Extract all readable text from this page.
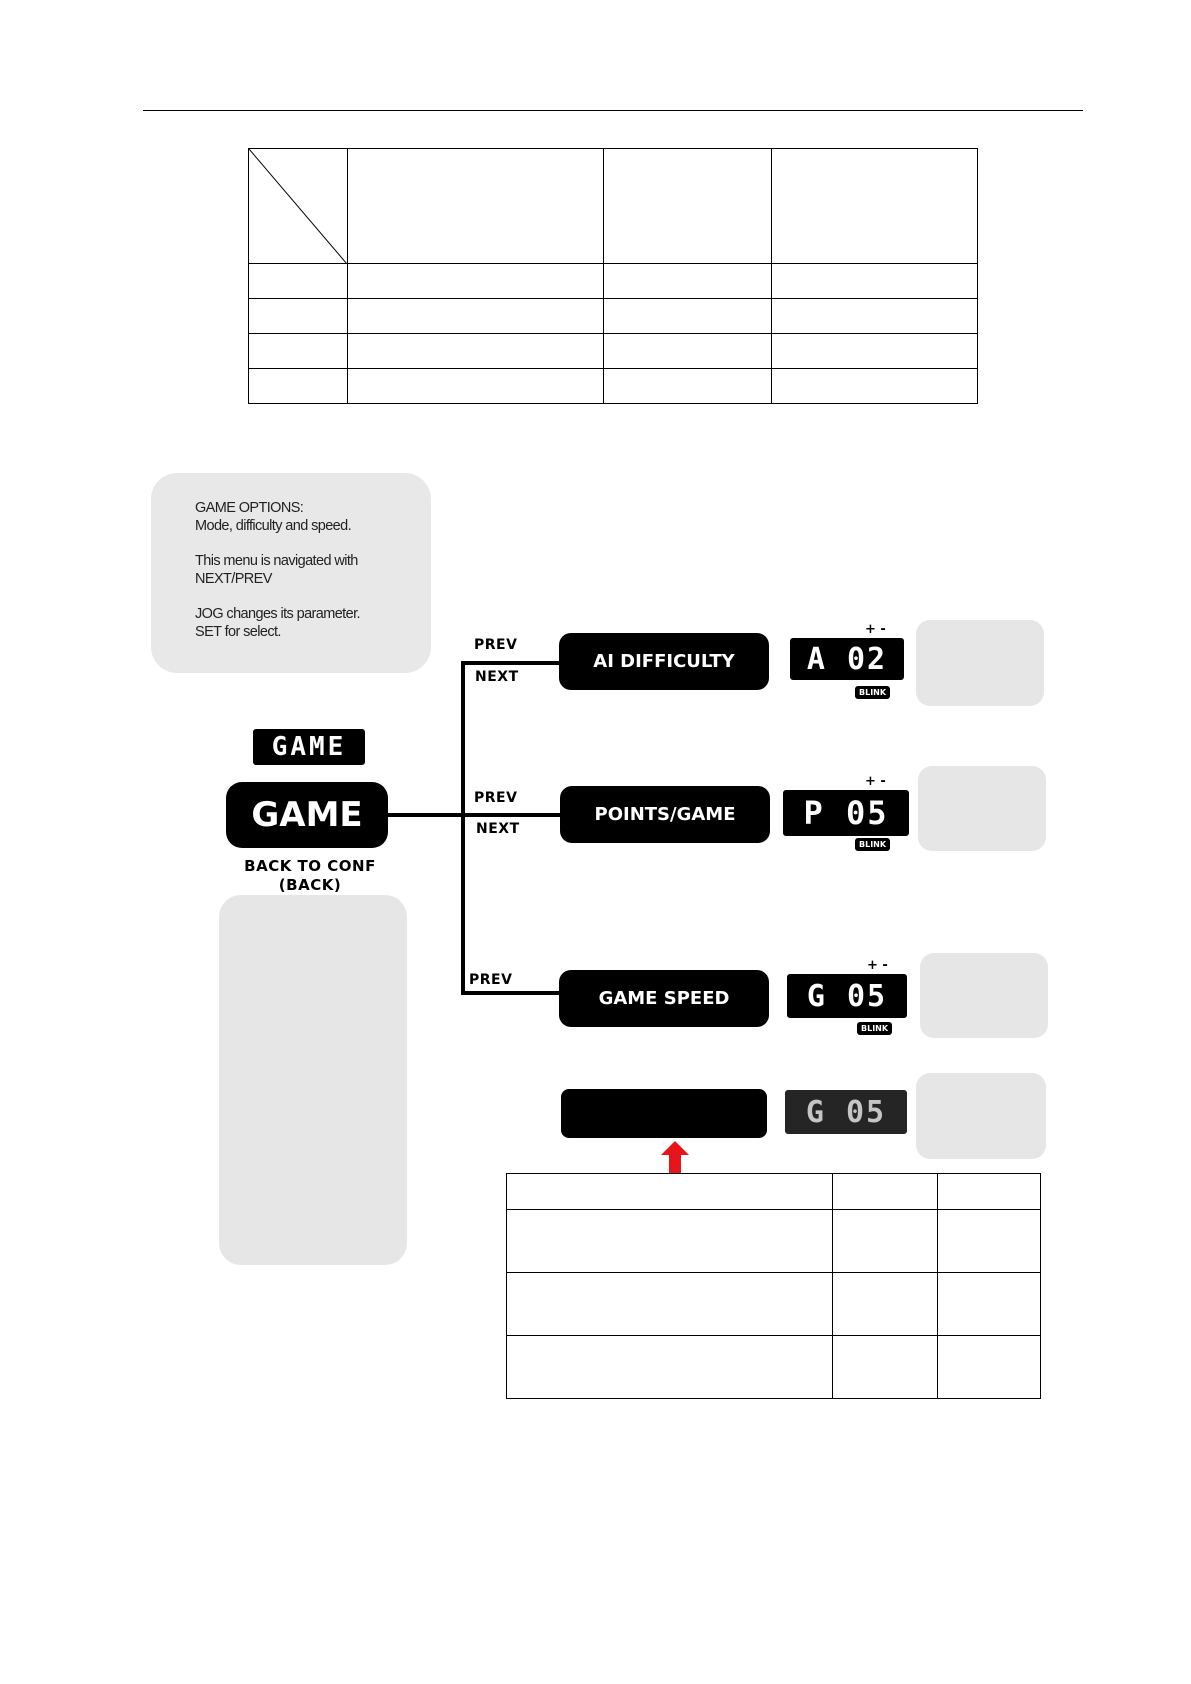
GAME OPTIONS:
Mode, difficulty and speed.

This menu is navigated with
NEXT/PREV

JOG changes its parameter.
SET for select.

GAME
GAME
BACK TO CONF
(BACK)
PREV
NEXT
AI DIFFICULTY
+ -
A 02
BLINK
PREV
NEXT
POINTS/GAME
+ -
P 05
BLINK
PREV
GAME SPEED
+ -
G 05
BLINK
G 05
